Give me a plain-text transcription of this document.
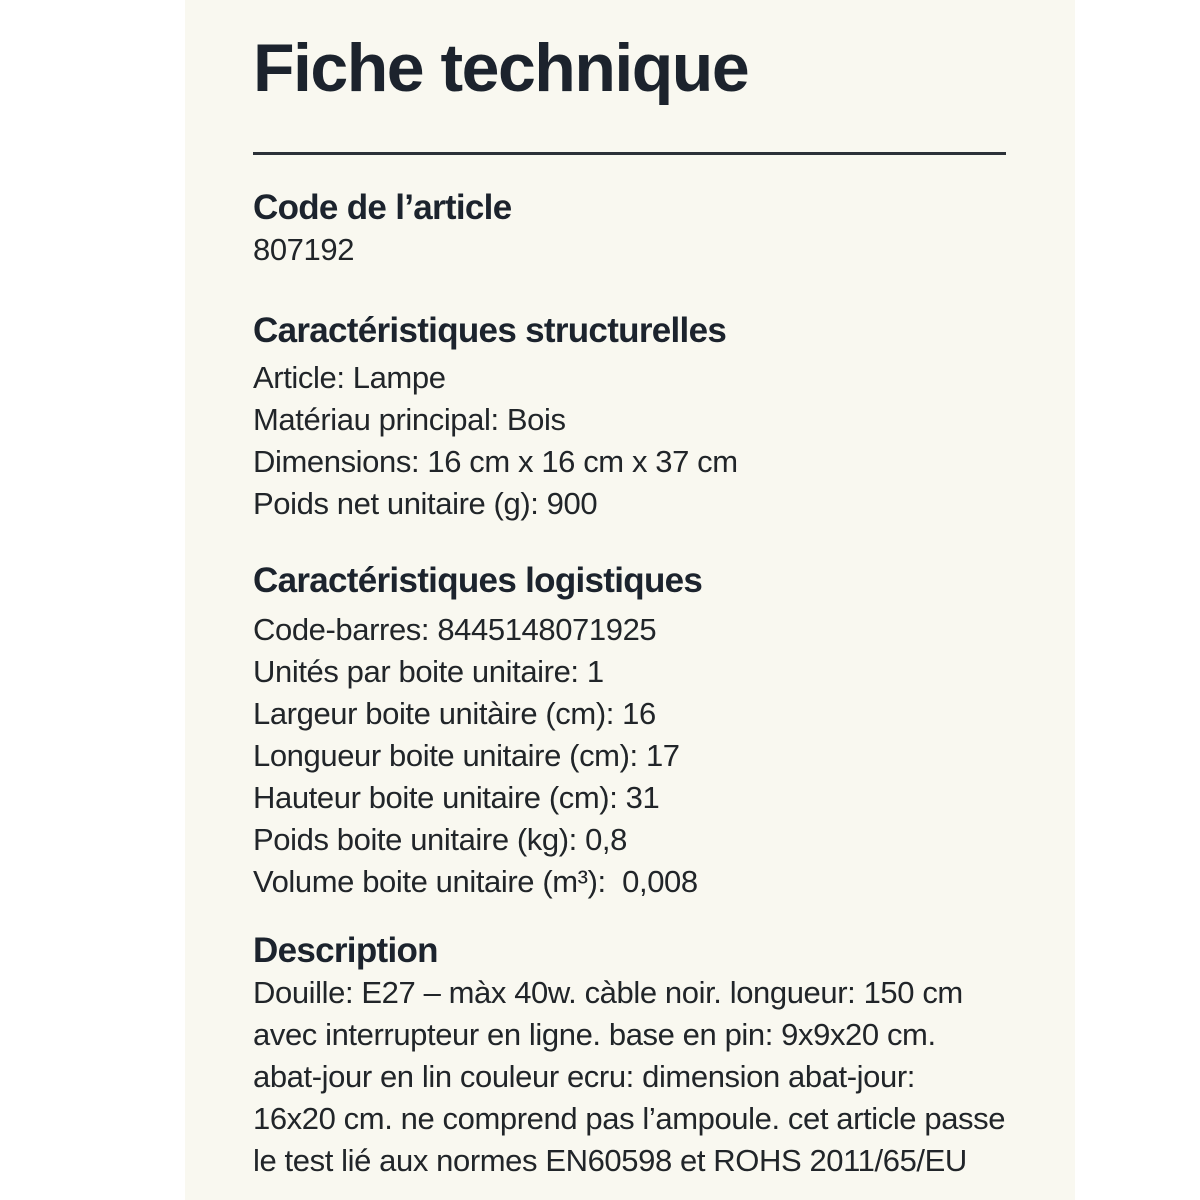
Fiche technique
Code de l’article
807192
Caractéristiques structurelles
Article: Lampe
Matériau principal: Bois
Dimensions: 16 cm x 16 cm x 37 cm
Poids net unitaire (g): 900
Caractéristiques logistiques
Code-barres: 8445148071925
Unités par boite unitaire: 1
Largeur boite unitàire (cm): 16
Longueur boite unitaire (cm): 17
Hauteur boite unitaire (cm): 31
Poids boite unitaire (kg): 0,8
Volume boite unitaire (m³):  0,008
Description
Douille: E27 – màx 40w. càble noir. longueur: 150 cm
avec interrupteur en ligne. base en pin: 9x9x20 cm.
abat-jour en lin couleur ecru: dimension abat-jour:
16x20 cm. ne comprend pas l’ampoule. cet article passe
le test lié aux normes EN60598 et ROHS 2011/65/EU
